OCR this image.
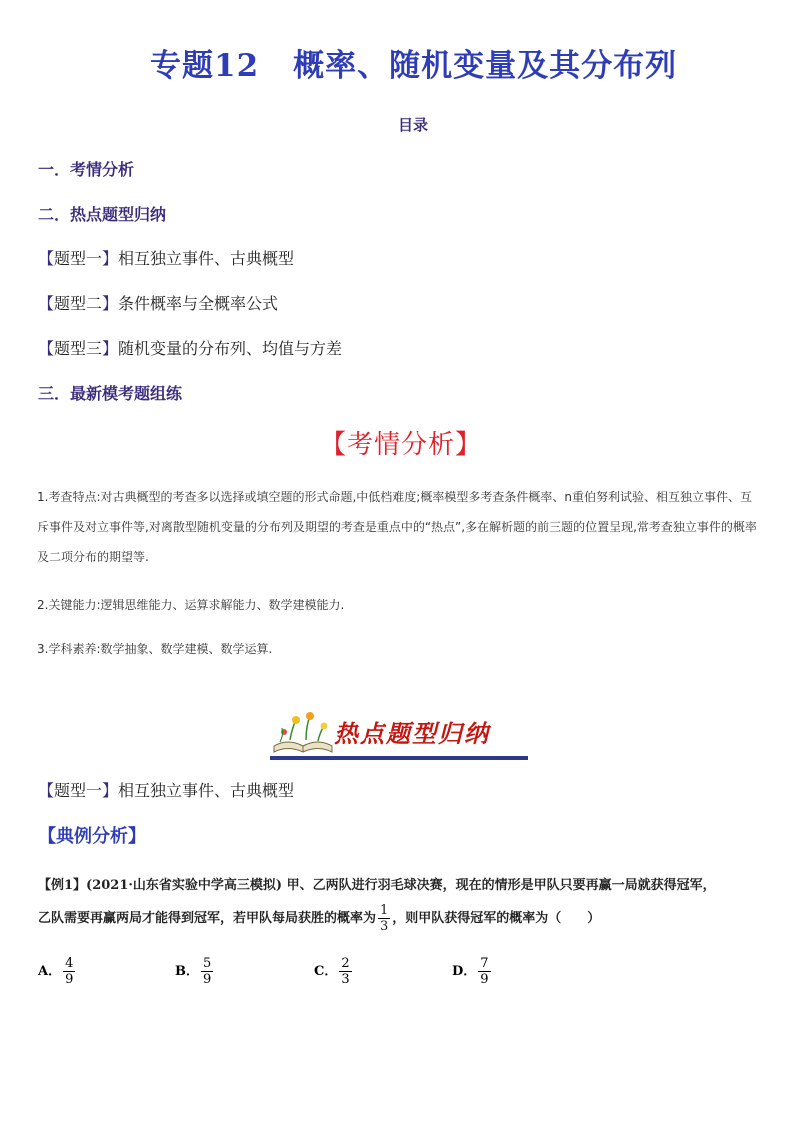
专题12 概率、随机变量及其分布列
目录
一．考情分析
二．热点题型归纳
【题型一】相互独立事件、古典概型
【题型二】条件概率与全概率公式
【题型三】随机变量的分布列、均值与方差
三．最新模考题组练
【考情分析】
1.考查特点:对古典概型的考查多以选择或填空题的形式命题,中低档难度;概率模型多考查条件概率、n重伯努利试验、相互独立事件、互斥事件及对立事件等,对离散型随机变量的分布列及期望的考查是重点中的“热点”,多在解析题的前三题的位置呈现,常考查独立事件的概率及二项分布的期望等.
2.关键能力:逻辑思维能力、运算求解能力、数学建模能力.
3.学科素养:数学抽象、数学建模、数学运算.
热点题型归纳
【题型一】相互独立事件、古典概型
【典例分析】
【例1】(2021·山东省实验中学高三模拟) 甲、乙两队进行羽毛球决赛，现在的情形是甲队只要再赢一局就获得冠军，
乙队需要再赢两局才能得到冠军，若甲队每局获胜的概率为 $\frac{1}{3}$ ，则甲队获得冠军的概率为（　　）
A． $\frac{4}{9}$	B． $\frac{5}{9}$	C． $\frac{2}{3}$	D． $\frac{7}{9}$
